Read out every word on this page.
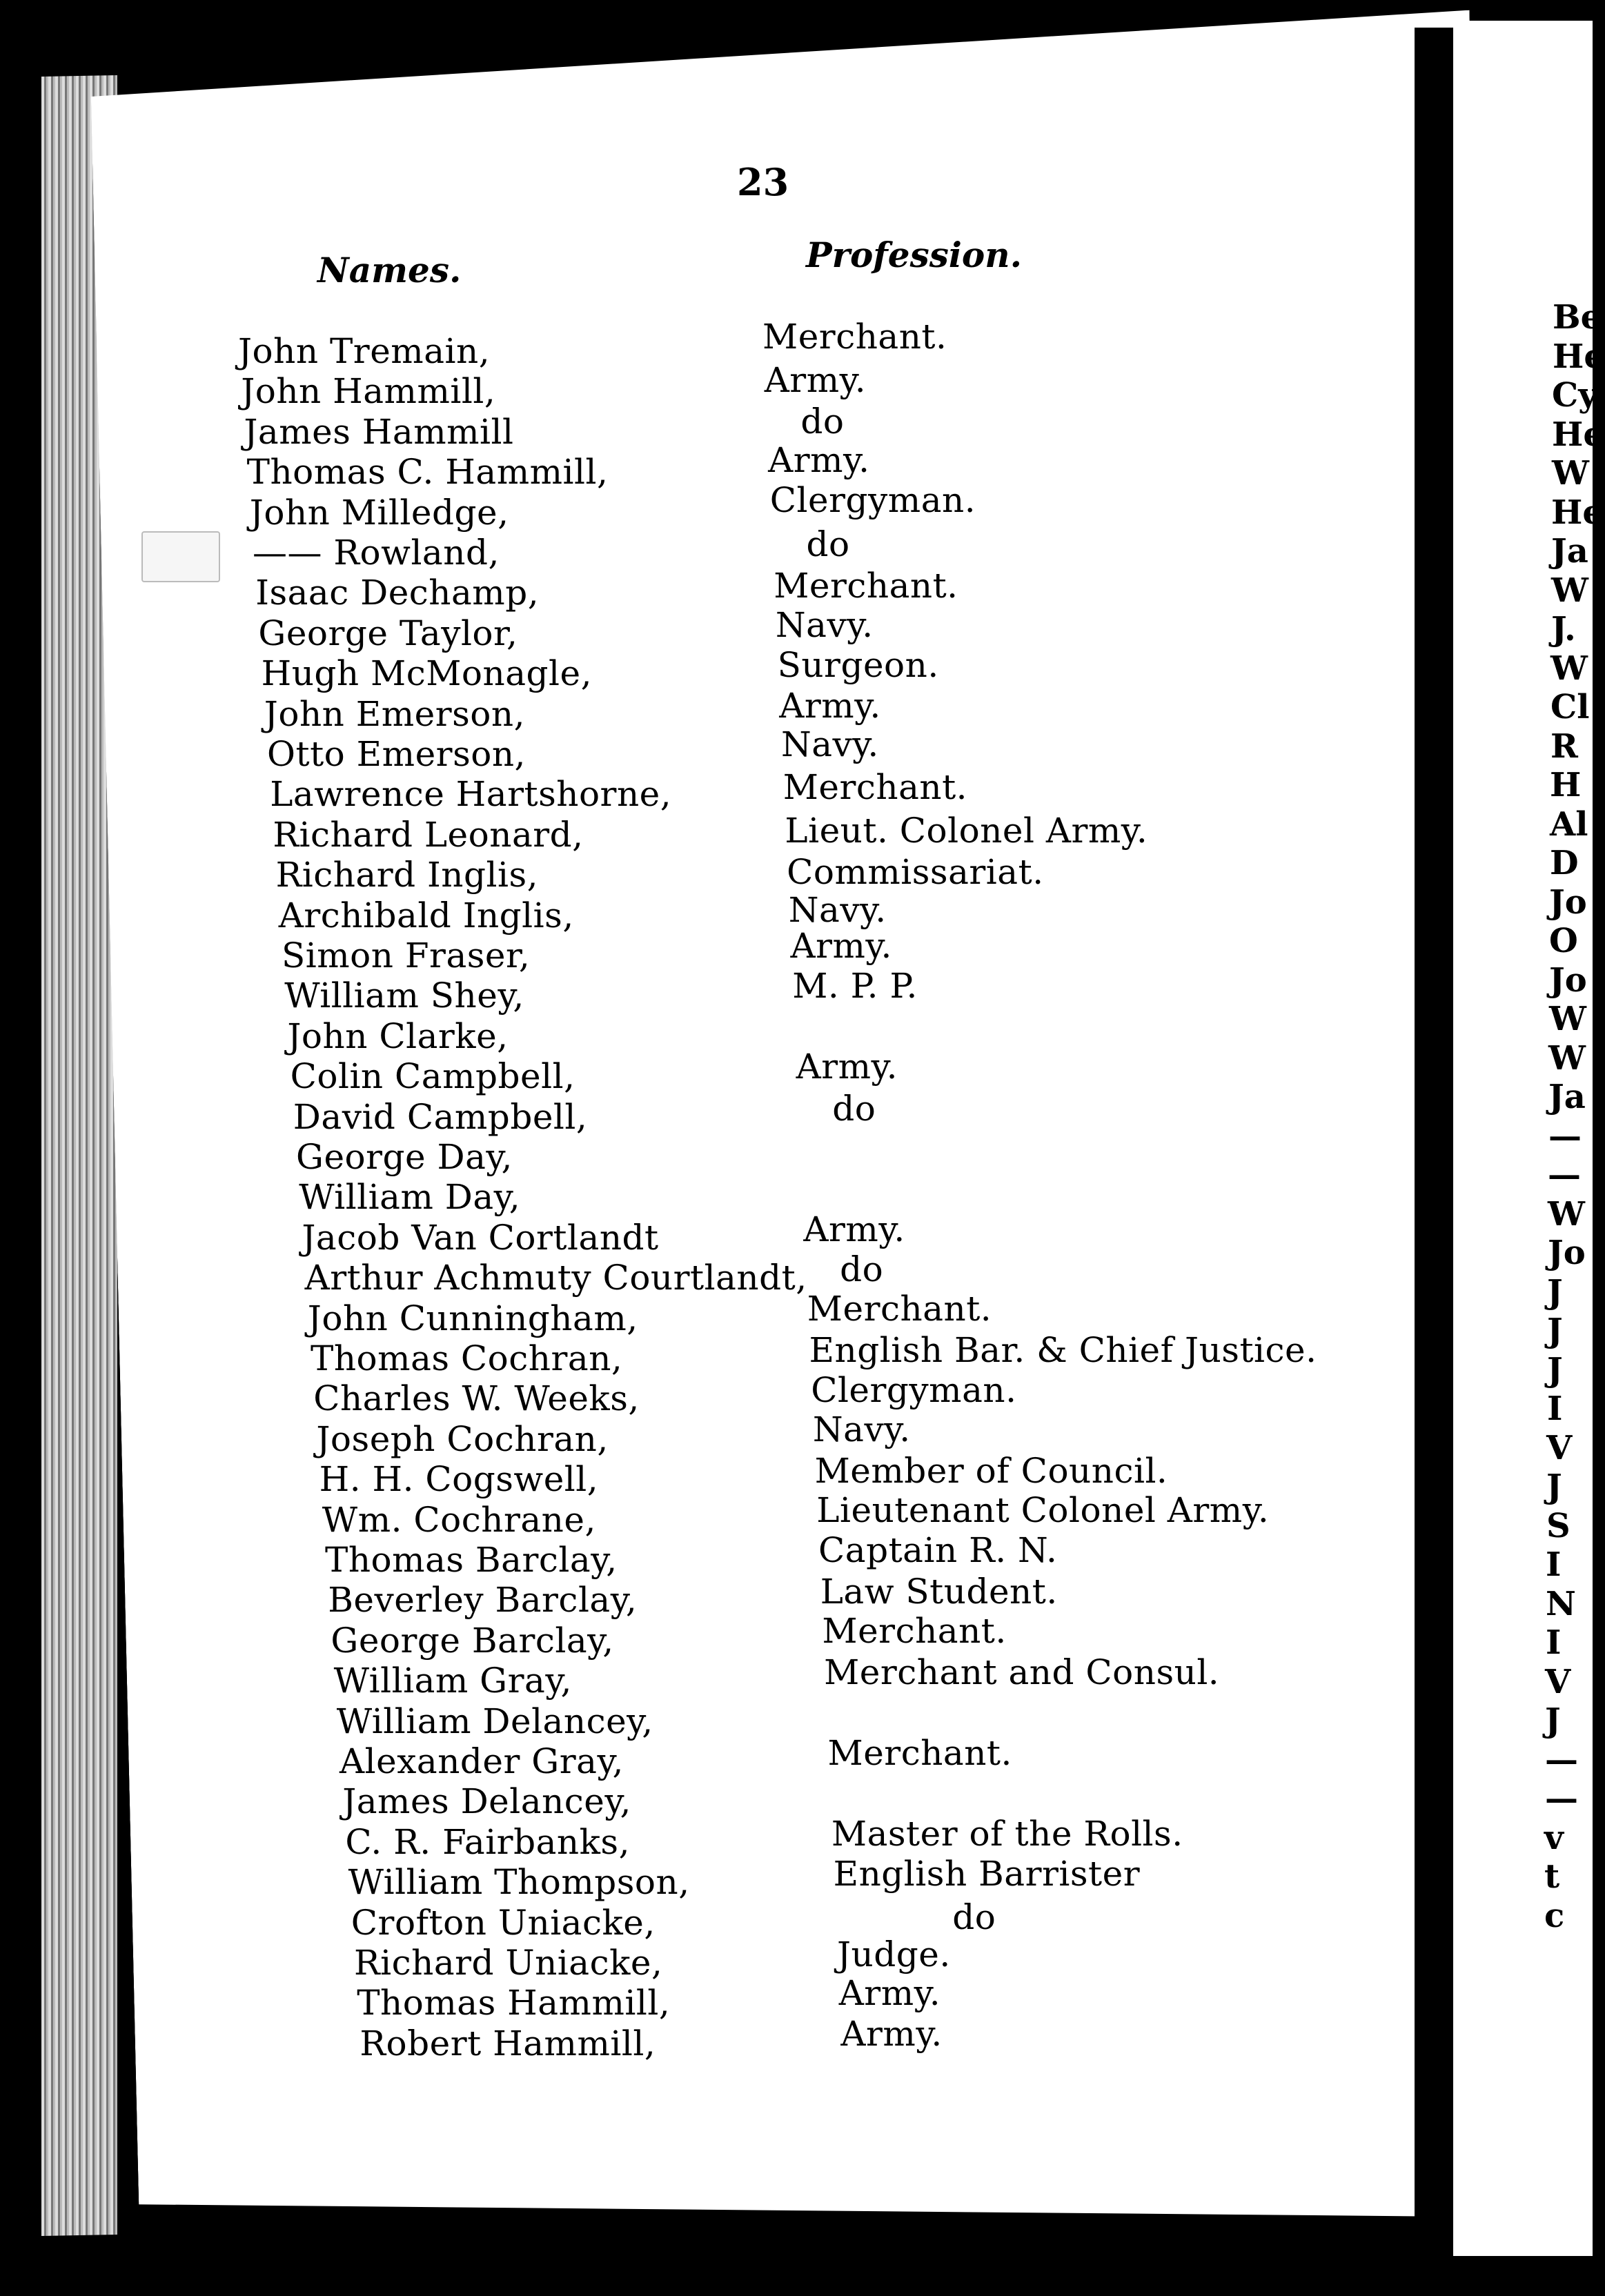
23
Names.	Profession.
John Tremain,	Merchant.
John Hammill,	Army.
James Hammill	do
Thomas C. Hammill,	Army.
John Milledge,	Clergyman.
—— Rowland,	do
Isaac Dechamp,	Merchant.
George Taylor,	Navy.
Hugh McMonagle,	Surgeon.
John Emerson,	Army.
Otto Emerson,	Navy.
Lawrence Hartshorne,	Merchant.
Richard Leonard,	Lieut. Colonel Army.
Richard Inglis,	Commissariat.
Archibald Inglis,	Navy.
Simon Fraser,	Army.
William Shey,	M. P. P.
John Clarke,
Colin Campbell,	Army.
David Campbell,	do
George Day,
William Day,
Jacob Van Cortlandt	Army.
Arthur Achmuty Courtlandt, do
John Cunningham,	Merchant.
Thomas Cochran,	English Bar. & Chief Justice.
Charles W. Weeks,	Clergyman.
Joseph Cochran,	Navy.
H. H. Cogswell,	Member of Council.
Wm. Cochrane,	Lieutenant Colonel Army.
Thomas Barclay,	Captain R. N.
Beverley Barclay,	Law Student.
George Barclay,	Merchant.
William Gray,	Merchant and Consul.
William Delancey,
Alexander Gray,	Merchant.
James Delancey,
C. R. Fairbanks,	Master of the Rolls.
William Thompson,	English Barrister
Crofton Uniacke,	do
Richard Uniacke,	Judge.
Thomas Hammill,	Army.
Robert Hammill,	Army.
Be
He
Cy
He
W
He
Ja
W
J.
W
Cl
R
H
Al
D
Jo
O
Jo
W
W
Ja
—
—
W
Jo
J
J
J
I
V
J
S
I
N
I
V
J
—
—
v
t
c
